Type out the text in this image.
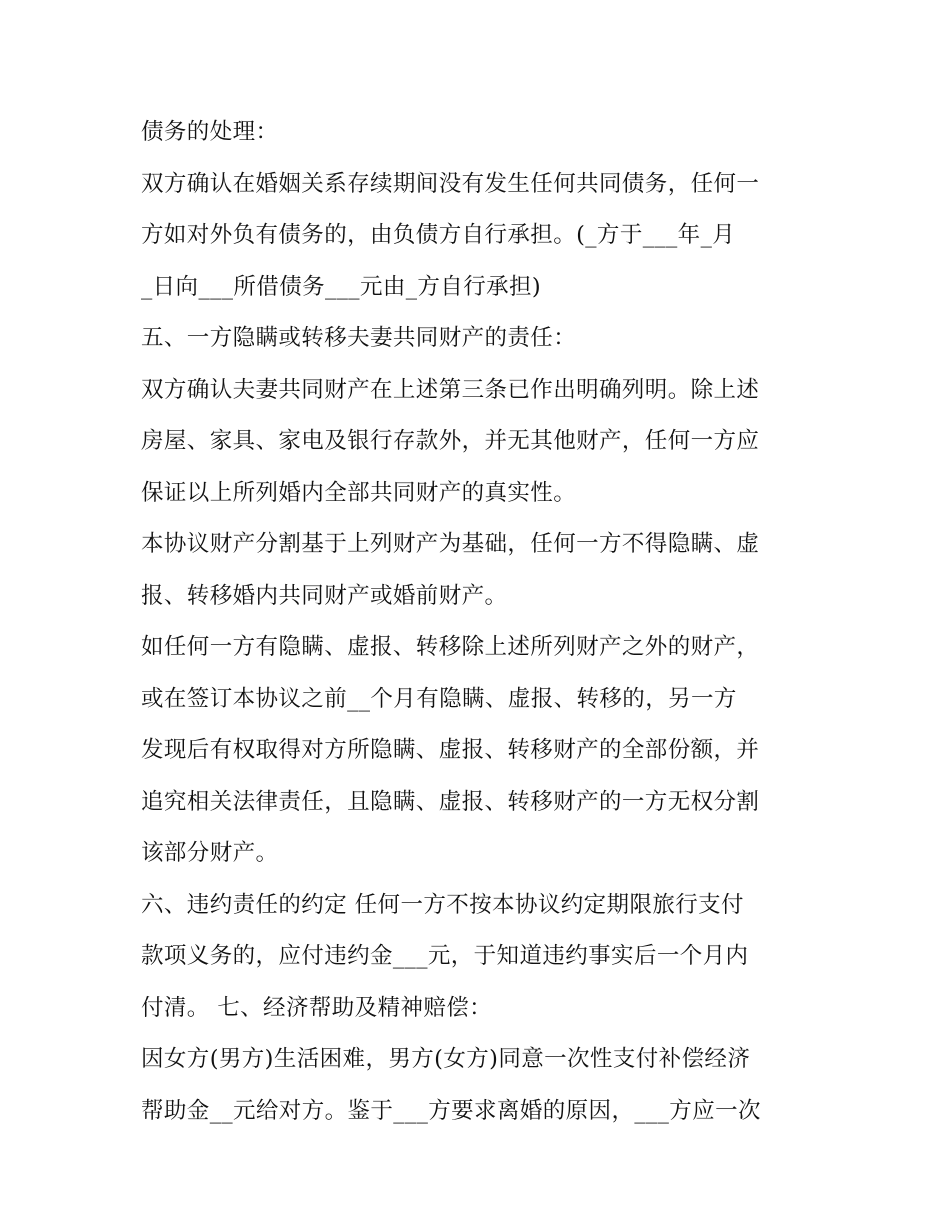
债务的处理：
双方确认在婚姻关系存续期间没有发生任何共同债务，任何一
方如对外负有债务的，由负债方自行承担。(_方于___年_月
_日向___所借债务___元由_方自行承担)
五、一方隐瞒或转移夫妻共同财产的责任：
双方确认夫妻共同财产在上述第三条已作出明确列明。除上述
房屋、家具、家电及银行存款外，并无其他财产，任何一方应
保证以上所列婚内全部共同财产的真实性。
本协议财产分割基于上列财产为基础，任何一方不得隐瞒、虚
报、转移婚内共同财产或婚前财产。
如任何一方有隐瞒、虚报、转移除上述所列财产之外的财产，
或在签订本协议之前__个月有隐瞒、虚报、转移的，另一方
发现后有权取得对方所隐瞒、虚报、转移财产的全部份额，并
追究相关法律责任，且隐瞒、虚报、转移财产的一方无权分割
该部分财产。
六、违约责任的约定 任何一方不按本协议约定期限旅行支付
款项义务的，应付违约金___元，于知道违约事实后一个月内
付清。 七、经济帮助及精神赔偿：
因女方(男方)生活困难，男方(女方)同意一次性支付补偿经济
帮助金__元给对方。鉴于___方要求离婚的原因，___方应一次
